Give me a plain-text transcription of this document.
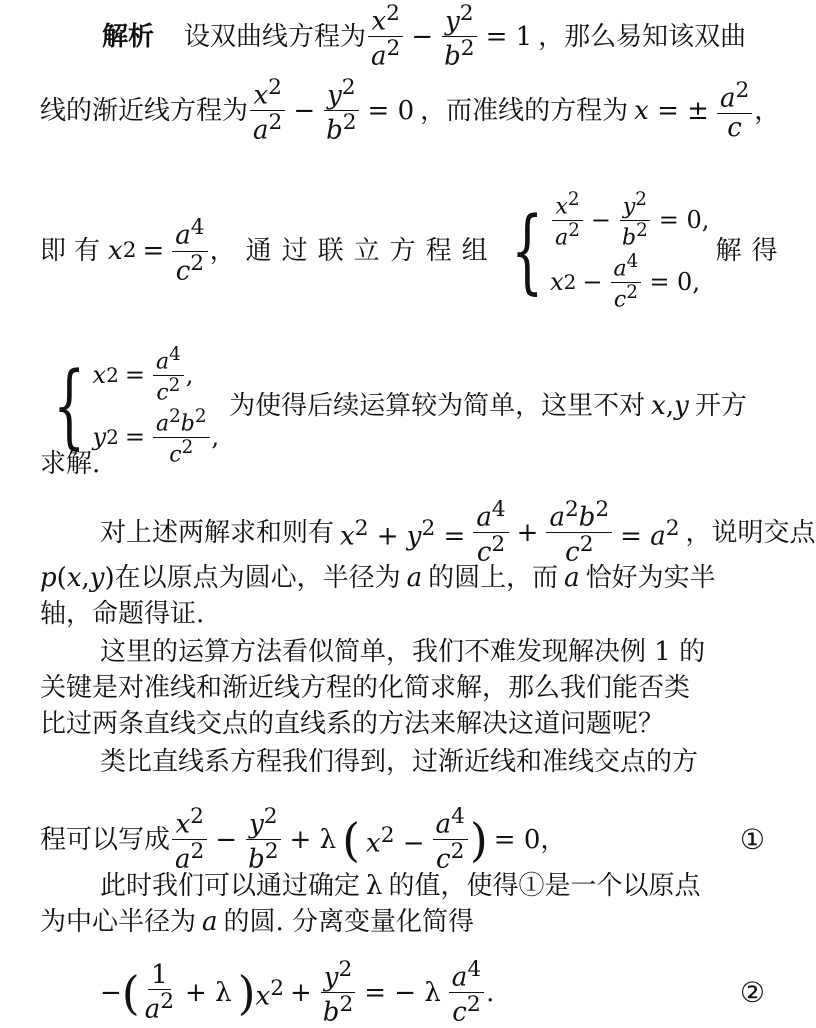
解析 设双曲线方程为 $\frac{x^2}{a^2} - \frac{y^2}{b^2} = 1$ ，那么易知该双曲
线的渐近线方程为 $\frac{x^2}{a^2} - \frac{y^2}{b^2} = 0$ ，而准线的方程为 x = ± $\frac{a^2}{c}$ ，
即有 x $2 = \frac{a^4}{c^2}$ ，通过联立方程组 { $\frac{x^2}{a^2} - \frac{y^2}{b^2} = 0$,
x $2 - \frac{a^4}{c^2} = 0$,
解得
{ x $2 = \frac{a^4}{c^2}$ ,
y $2 = \frac{a^2b^2}{c^2}$ ,
为使得后续运算较为简单，这里不对 x,y 开方
求解.
对上述两解求和则有 $x^2 + y^2 = \frac{a^4}{c^2} + \frac{a^2b^2}{c^2} = a^2$ ，说明交点
p(x,y) 在以原点为圆心，半径为 a 的圆上，而 a 恰好为实半
轴，命题得证.
这里的运算方法看似简单，我们不难发现解决例 1 的
关键是对准线和渐近线方程的化简求解，那么我们能否类
比过两条直线交点的直线系的方法来解决这道问题呢？
类比直线系方程我们得到，过渐近线和准线交点的方
程可以写成 $\frac{x^2}{a^2} - \frac{y^2}{b^2} + \lambda$ ( $x^2 - \frac{a^4}{c^2}$ ) = 0，	①
此时我们可以通过确定 λ 的值，使得①是一个以原点
为中心半径为 a 的圆. 分离变量化简得
− ( $\frac{1}{a^2} + \lambda$ ) $x^2 + \frac{y^2}{b^2}$ = − λ $\frac{a^4}{c^2}$ .	②
